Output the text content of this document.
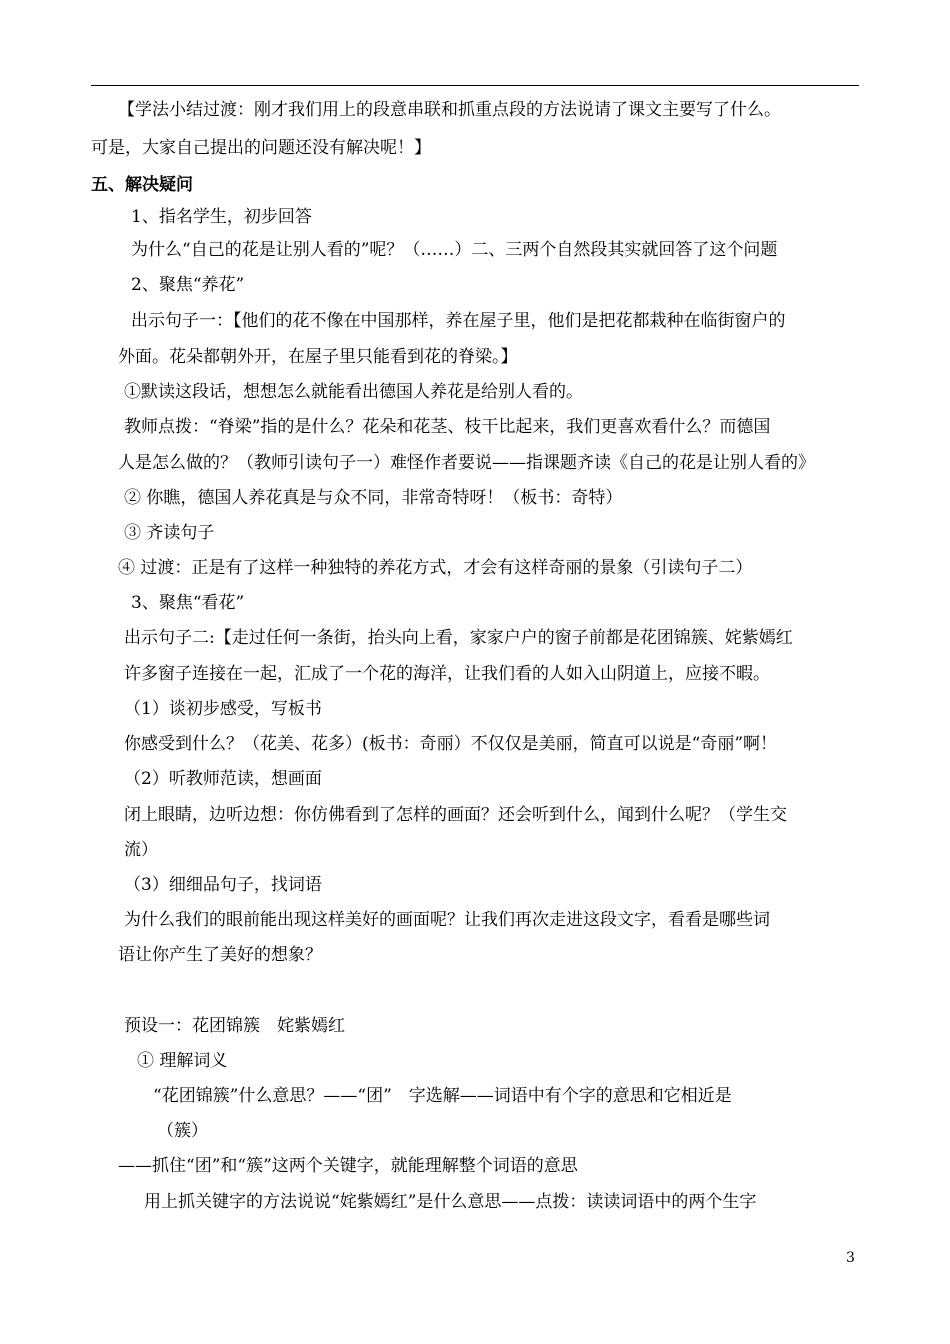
【学法小结过渡：刚才我们用上的段意串联和抓重点段的方法说请了课文主要写了什么。
可是，大家自己提出的问题还没有解决呢！】
五、解决疑问
1、指名学生，初步回答
为什么“自己的花是让别人看的”呢？（……）二、三两个自然段其实就回答了这个问题
2、聚焦“养花”
出示句子一：【他们的花不像在中国那样，养在屋子里，他们是把花都栽种在临街窗户的
外面。花朵都朝外开，在屋子里只能看到花的脊梁。】
①默读这段话，想想怎么就能看出德国人养花是给别人看的。
教师点拨：“脊梁”指的是什么？花朵和花茎、枝干比起来，我们更喜欢看什么？而德国
人是怎么做的？（教师引读句子一）难怪作者要说——指课题齐读《自己的花是让别人看的》
② 你瞧，德国人养花真是与众不同，非常奇特呀！（板书：奇特）
③ 齐读句子
④ 过渡：正是有了这样一种独特的养花方式，才会有这样奇丽的景象（引读句子二）
3、聚焦“看花”
出示句子二:【走过任何一条街，抬头向上看，家家户户的窗子前都是花团锦簇、姹紫嫣红
许多窗子连接在一起，汇成了一个花的海洋，让我们看的人如入山阴道上，应接不暇。
（1）谈初步感受，写板书
你感受到什么？（花美、花多）(板书：奇丽）不仅仅是美丽，简直可以说是“奇丽”啊！
（2）听教师范读，想画面
闭上眼睛，边听边想：你仿佛看到了怎样的画面？还会听到什么，闻到什么呢？（学生交
流）
（3）细细品句子，找词语
为什么我们的眼前能出现这样美好的画面呢？让我们再次走进这段文字，看看是哪些词
语让你产生了美好的想象？
预设一：花团锦簇　姹紫嫣红
① 理解词义
“花团锦簇”什么意思？——“团”　字选解——词语中有个字的意思和它相近是
（簇）
——抓住“团”和“簇”这两个关键字，就能理解整个词语的意思
用上抓关键字的方法说说“姹紫嫣红”是什么意思——点拨：读读词语中的两个生字
3
